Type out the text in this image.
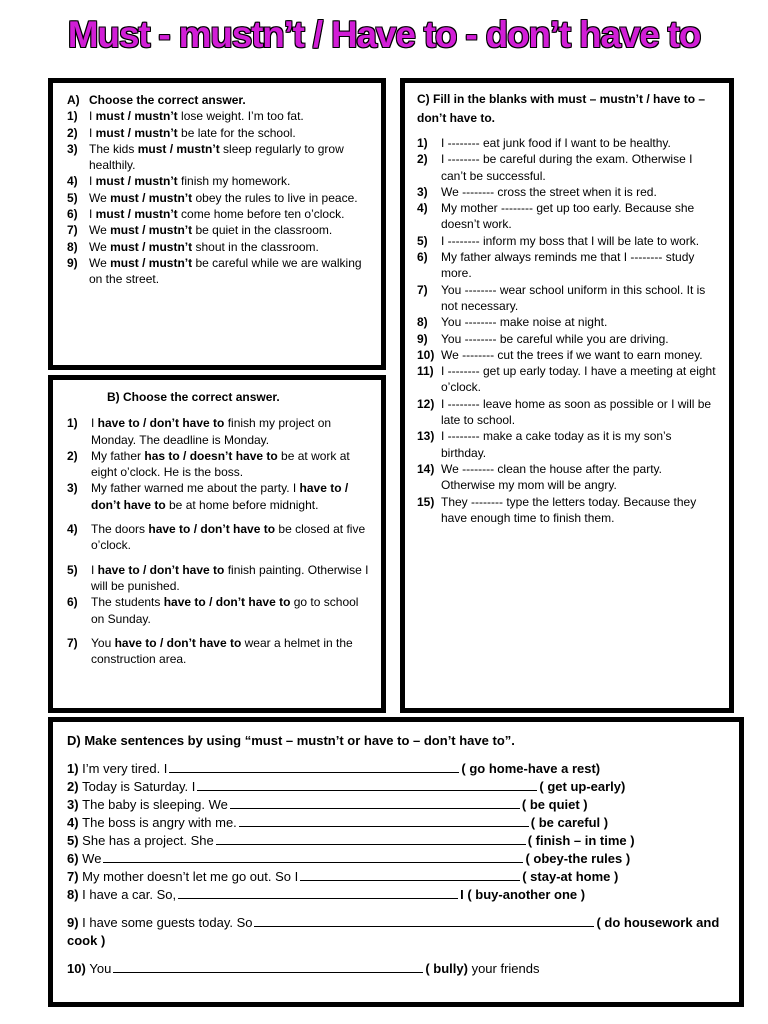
Must - mustn’t / Have to - don’t have to
A) Choose the correct answer.
1) I must / mustn’t lose weight. I’m too fat.
2) I must / mustn’t be late for the school.
3) The kids must / mustn’t sleep regularly to grow healthily.
4) I must / mustn’t finish my homework.
5) We must / mustn’t obey the rules to live in peace.
6) I must / mustn’t come home before ten o’clock.
7) We must / mustn’t be quiet in the classroom.
8) We must / mustn’t shout in the classroom.
9) We must / mustn’t be careful while we are walking on the street.
B) Choose the correct answer.
1)	I have to / don’t have to finish my project on Monday. The deadline is Monday.
2)	My father has to / doesn’t have to be at work at eight o’clock. He is the boss.
3)	My father warned me about the party. I have to / don’t have to be at home before midnight.
4)	The doors have to / don’t have to be closed at five o’clock.
5)	I have to / don’t have to finish painting. Otherwise I will be punished.
6)	The students have to / don’t have to go to school on Sunday.
7)	You have to / don’t have to wear a helmet in the construction area.
C) Fill in the blanks with must – mustn’t / have to – don’t have to.
1)	I -------- eat junk food if I want to be healthy.
2)	I -------- be careful during the exam. Otherwise I can’t be successful.
3)	We -------- cross the street when it is red.
4)	My mother -------- get up too early. Because she doesn’t work.
5)	I -------- inform my boss that I will be late to work.
6)	My father always reminds me that I -------- study more.
7)	You -------- wear school uniform in this school. It is not necessary.
8)	You -------- make noise at night.
9)	You -------- be careful while you are driving.
10) We -------- cut the trees if we want to earn money.
11) I -------- get up early today. I have a meeting at eight o’clock.
12) I -------- leave home as soon as possible or I will be late to school.
13) I -------- make a cake today as it is my son’s birthday.
14) We -------- clean the house after the party. Otherwise my mom will be angry.
15) They -------- type the letters today. Because they have enough time to finish them.
D) Make sentences by using “must – mustn’t or have to – don’t have to”.
1) I’m very tired. I	( go home-have a rest)
2) Today is Saturday. I	( get up-early)
3) The baby is sleeping. We	( be quiet )
4) The boss is angry with me.	( be careful )
5) She has a project. She	( finish – in time )
6) We	( obey-the rules )
7) My mother doesn’t let me go out. So I	( stay-at home )
8) I have a car. So,	I ( buy-another one )
9) I have some guests today. So	( do housework and cook )
10) You	( bully) your friends
